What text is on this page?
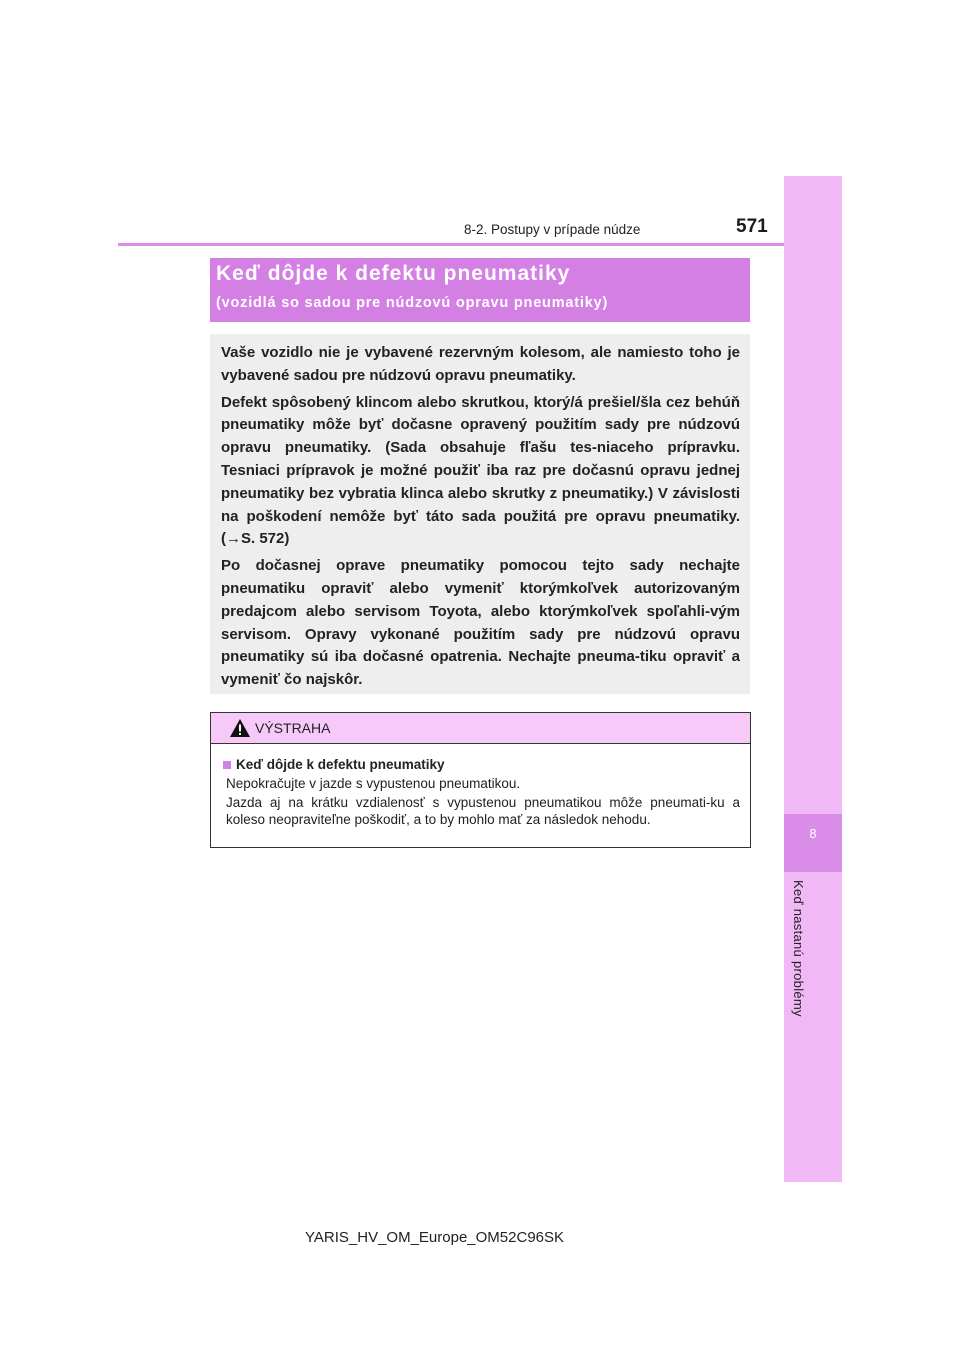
8
Keď nastanú problémy
8-2. Postupy v prípade núdze	571
Keď dôjde k defektu pneumatiky
(vozidlá so sadou pre núdzovú opravu pneumatiky)

Vaše vozidlo nie je vybavené rezervným kolesom, ale namiesto toho je vybavené sadou pre núdzovú opravu pneumatiky.

Defekt spôsobený klincom alebo skrutkou, ktorý/á prešiel/šla cez behúň pneumatiky môže byť dočasne opravený použitím sady pre núdzovú opravu pneumatiky. (Sada obsahuje fľašu tes-niaceho prípravku. Tesniaci prípravok je možné použiť iba raz pre dočasnú opravu jednej pneumatiky bez vybratia klinca alebo skrutky z pneumatiky.) V závislosti na poškodení nemôže byť táto sada použitá pre opravu pneumatiky. (→S. 572)

Po dočasnej oprave pneumatiky pomocou tejto sady nechajte pneumatiku opraviť alebo vymeniť ktorýmkoľvek autorizovaným predajcom alebo servisom Toyota, alebo ktorýmkoľvek spoľahli-vým servisom. Opravy vykonané použitím sady pre núdzovú opravu pneumatiky sú iba dočasné opatrenia. Nechajte pneuma-tiku opraviť a vymeniť čo najskôr.

VÝSTRAHA
Keď dôjde k defektu pneumatiky
Nepokračujte v jazde s vypustenou pneumatikou.
Jazda aj na krátku vzdialenosť s vypustenou pneumatikou môže pneumati-ku a koleso neopraviteľne poškodiť, a to by mohlo mať za následok nehodu.
YARIS_HV_OM_Europe_OM52C96SK
